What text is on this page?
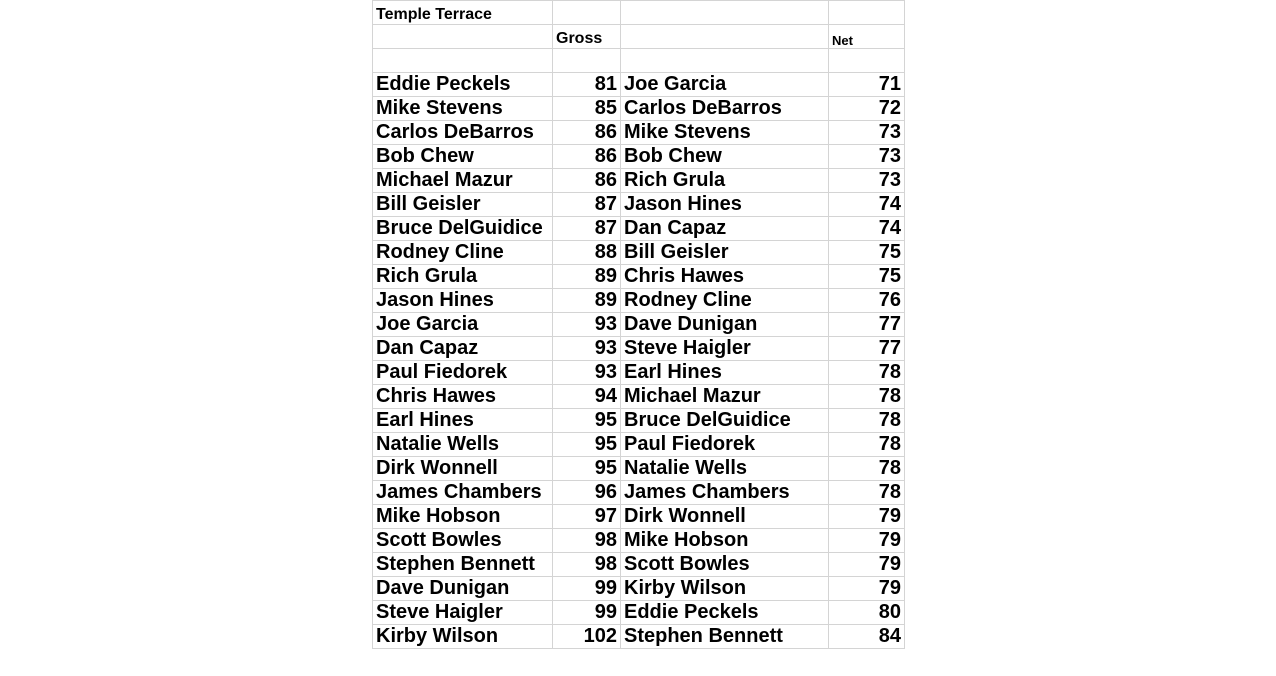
Temple Terrace			
	Gross		Net

Eddie Peckels	81	Joe Garcia	71
Mike Stevens	85	Carlos DeBarros	72
Carlos DeBarros	86	Mike Stevens	73
Bob Chew	86	Bob Chew	73
Michael Mazur	86	Rich Grula	73
Bill Geisler	87	Jason Hines	74
Bruce DelGuidice	87	Dan Capaz	74
Rodney Cline	88	Bill Geisler	75
Rich Grula	89	Chris Hawes	75
Jason Hines	89	Rodney Cline	76
Joe Garcia	93	Dave Dunigan	77
Dan Capaz	93	Steve Haigler	77
Paul Fiedorek	93	Earl Hines	78
Chris Hawes	94	Michael Mazur	78
Earl Hines	95	Bruce DelGuidice	78
Natalie Wells	95	Paul Fiedorek	78
Dirk Wonnell	95	Natalie Wells	78
James Chambers	96	James Chambers	78
Mike Hobson	97	Dirk Wonnell	79
Scott Bowles	98	Mike Hobson	79
Stephen Bennett	98	Scott Bowles	79
Dave Dunigan	99	Kirby Wilson	79
Steve Haigler	99	Eddie Peckels	80
Kirby Wilson	102	Stephen Bennett	84
